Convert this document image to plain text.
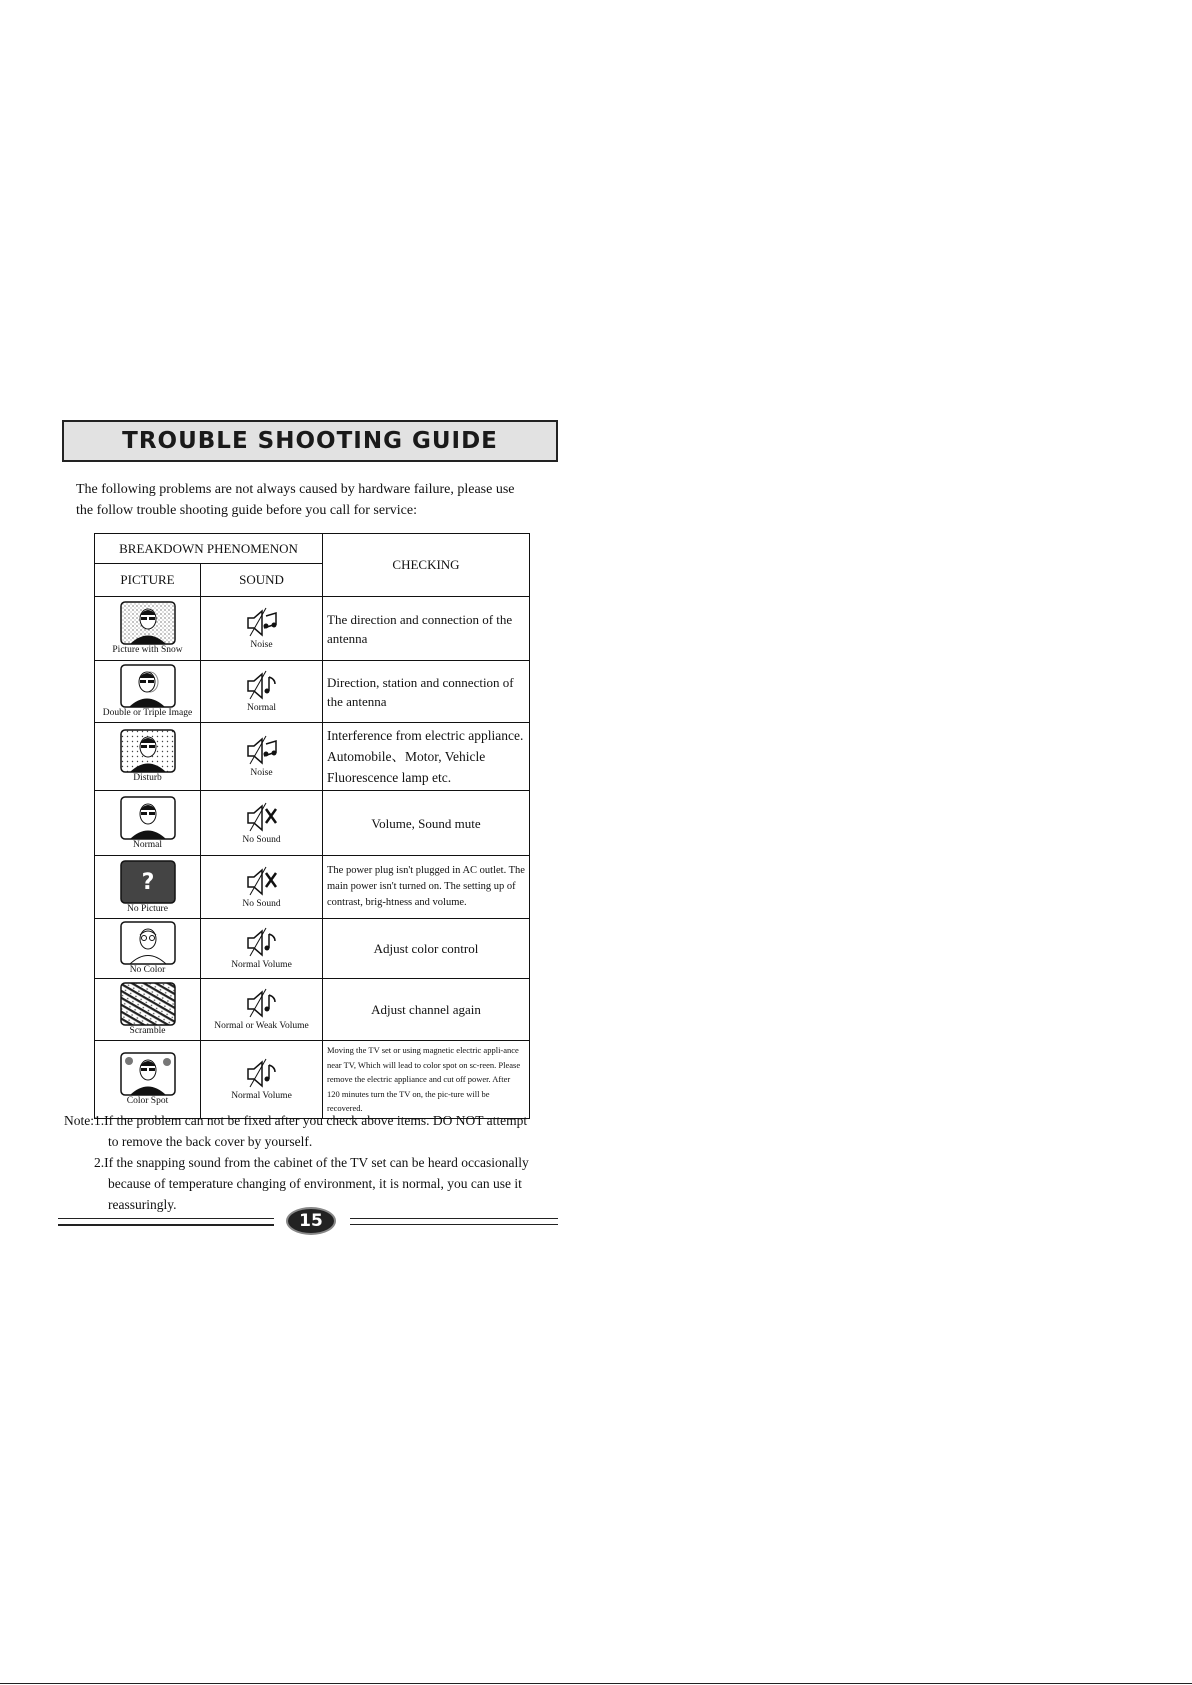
TROUBLE SHOOTING GUIDE
The following problems are not always caused by hardware failure, please use
the follow trouble shooting guide before you call for service:
BREAKDOWN PHENOMENON		CHECKING
PICTURE	SOUND	

Picture with Snow	Noise	The direction and connection of the antenna

Double or Triple Image	Normal	Direction, station and connection of the antenna

Disturb	Noise	Interference from electric appliance. Automobile、Motor, Vehicle Fluorescence lamp etc.

Normal	No Sound	Volume, Sound mute

?
No Picture	No Sound	The power plug isn't plugged in AC outlet. The main power isn't turned on. The setting up of contrast, brig-htness and volume.

No Color	Normal Volume	Adjust color control

Scramble	Normal or Weak Volume	Adjust channel again

Color Spot	Normal Volume	Moving the TV set or using magnetic electric appli-ance near TV, Which will lead to color spot on sc-reen. Please remove the electric appliance and cut off power. After 120 minutes turn the TV on, the pic-ture will be recovered.
Note:1.If the problem can not be fixed after you check above items. DO NOT attempt
to remove the back cover by yourself.
2.If the snapping sound from the cabinet of the TV set can be heard occasionally
because of temperature changing of environment, it is normal, you can use it
reassuringly.
15
